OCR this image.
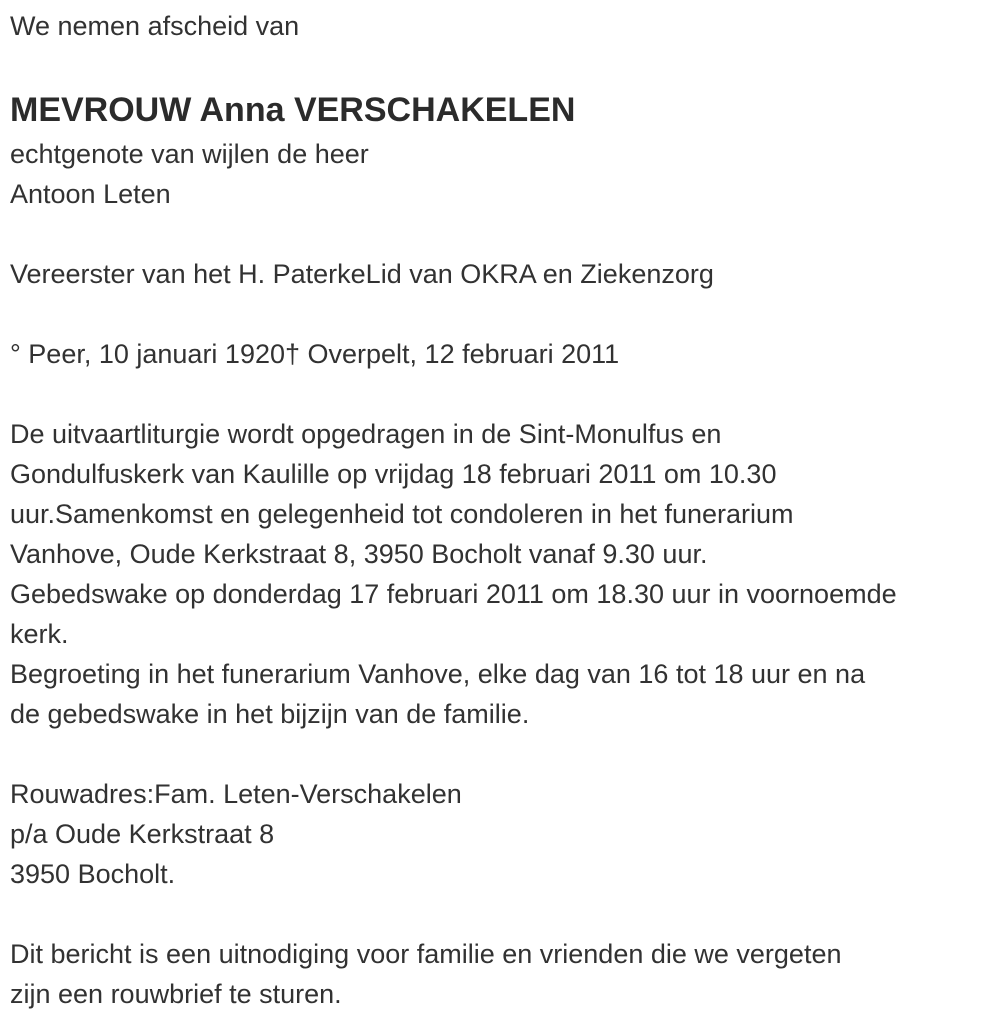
We nemen afscheid van

MEVROUW Anna VERSCHAKELEN

echtgenote van wijlen de heer

Antoon Leten

Vereerster van het H. PaterkeLid van OKRA en Ziekenzorg

° Peer, 10 januari 1920† Overpelt, 12 februari 2011

De uitvaartliturgie wordt opgedragen in de Sint-Monulfus en

Gondulfuskerk van Kaulille op vrijdag 18 februari 2011 om 10.30

uur.Samenkomst en gelegenheid tot condoleren in het funerarium

Vanhove, Oude Kerkstraat 8, 3950 Bocholt vanaf 9.30 uur.

Gebedswake op donderdag 17 februari 2011 om 18.30 uur in voornoemde

kerk.

Begroeting in het funerarium Vanhove, elke dag van 16 tot 18 uur en na

de gebedswake in het bijzijn van de familie.

Rouwadres:Fam. Leten-Verschakelen

p/a Oude Kerkstraat 8

3950 Bocholt.

Dit bericht is een uitnodiging voor familie en vrienden die we vergeten

zijn een rouwbrief te sturen.
